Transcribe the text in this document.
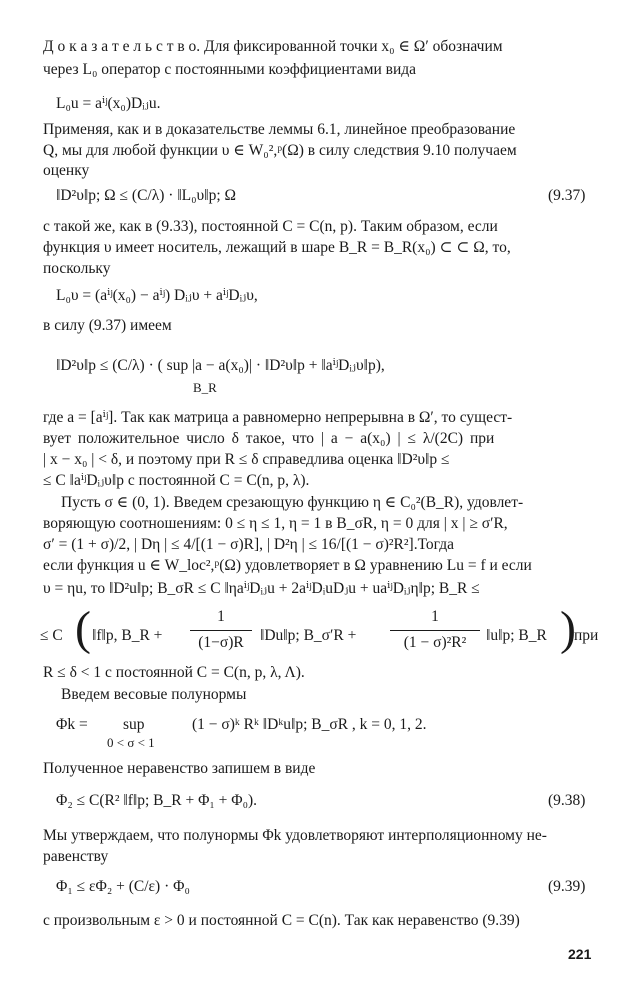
Д о к а з а т е л ь с т в о. Для фиксированной точки x₀ ∈ Ω′ обозначим
через L₀ оператор с постоянными коэффициентами вида
L₀u = aⁱʲ(x₀)Dᵢⱼu.
Применяя, как и в доказательстве леммы 6.1, линейное преобразование
Q, мы для любой функции υ ∈ W₀²,ᵖ(Ω) в силу следствия 9.10 получаем
оценку
‖D²υ‖p; Ω ≤ (C/λ) · ‖L₀υ‖p; Ω	(9.37)
с такой же, как в (9.33), постоянной C = C(n, p). Таким образом, если
функция υ имеет носитель, лежащий в шаре B_R = B_R(x₀) ⊂ ⊂ Ω, то,
поскольку
L₀υ = (aⁱʲ(x₀) − aⁱʲ) Dᵢⱼυ + aⁱʲDᵢⱼυ,
в силу (9.37) имеем
‖D²υ‖p ≤ (C/λ) · ( sup |a − a(x₀)| · ‖D²υ‖p + ‖aⁱʲDᵢⱼυ‖p),
B_R
где a = [aⁱʲ]. Так как матрица a равномерно непрерывна в Ω′, то сущест-
вует положительное число δ такое, что | a − a(x₀) | ≤ λ/(2C) при
| x − x₀ | < δ, и поэтому при R ≤ δ справедлива оценка ‖D²υ‖p ≤
≤ C ‖aⁱʲDᵢⱼυ‖p с постоянной C = C(n, p, λ).
Пусть σ ∈ (0, 1). Введем срезающую функцию η ∈ C₀²(B_R), удовлет-
воряющую соотношениям: 0 ≤ η ≤ 1, η = 1 в B_σR, η = 0 для | x | ≥ σ′R,
σ′ = (1 + σ)/2, | Dη | ≤ 4/[(1 − σ)R], | D²η | ≤ 16/[(1 − σ)²R²].Тогда
если функция u ∈ W_loc²,ᵖ(Ω) удовлетворяет в Ω уравнению Lu = f и если
υ = ηu, то ‖D²u‖p; B_σR ≤ C ‖ηaⁱʲDᵢⱼu + 2aⁱʲDᵢuDⱼu + uaⁱʲDᵢⱼη‖p; B_R ≤
≤ C ( ‖f‖p, B_R +
1
(1−σ)R	‖Du‖p; B_σ′R +
1
(1 − σ)²R²	‖u‖p; B_R )
при
R ≤ δ < 1 с постоянной C = C(n, p, λ, Λ).
Введем весовые полунормы
Φk = sup
0 < σ < 1
(1 − σ)ᵏ Rᵏ ‖Dᵏu‖p; B_σR , k = 0, 1, 2.
Полученное неравенство запишем в виде
Φ₂ ≤ C(R² ‖f‖p; B_R + Φ₁ + Φ₀).	(9.38)
Мы утверждаем, что полунормы Φk удовлетворяют интерполяционному не-
равенству
Φ₁ ≤ εΦ₂ + (C/ε) · Φ₀	(9.39)
с произвольным ε > 0 и постоянной C = C(n). Так как неравенство (9.39)
221
